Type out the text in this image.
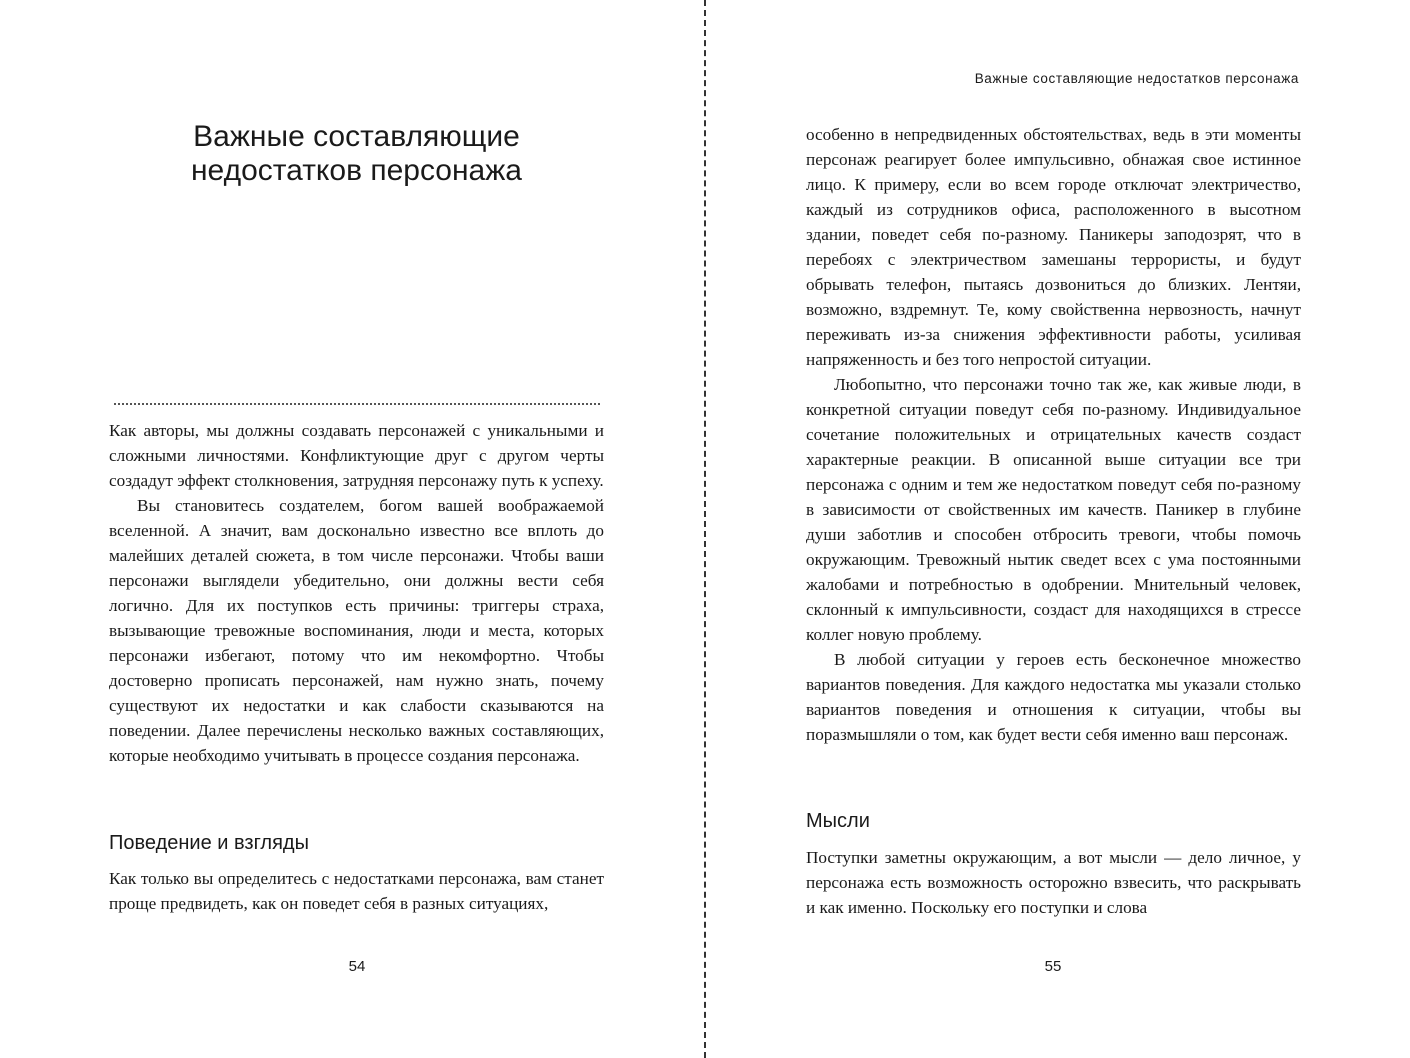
Важные составляющие
недостатков персонажа

Как авторы, мы должны создавать персонажей с уникальными и сложными личностями. Конфликтующие друг с другом черты создадут эффект столкновения, затрудняя персонажу путь к успеху.

Вы становитесь создателем, богом вашей воображаемой вселенной. А значит, вам досконально известно все вплоть до малейших деталей сюжета, в том числе персонажи. Чтобы ваши персонажи выглядели убедительно, они должны вести себя логично. Для их поступков есть причины: триггеры страха, вызывающие тревожные воспоминания, люди и места, которых персонажи избегают, потому что им некомфортно. Чтобы достоверно прописать персонажей, нам нужно знать, почему существуют их недостатки и как слабости сказываются на поведении. Далее перечислены несколько важных составляющих, которые необходимо учитывать в процессе создания персонажа.

Поведение и взгляды

Как только вы определитесь с недостатками персонажа, вам станет проще предвидеть, как он поведет себя в разных ситуациях,

54
Важные составляющие недостатков персонажа

особенно в непредвиденных обстоятельствах, ведь в эти моменты персонаж реагирует более импульсивно, обнажая свое истинное лицо. К примеру, если во всем городе отключат электричество, каждый из сотрудников офиса, расположенного в высотном здании, поведет себя по-разному. Паникеры заподозрят, что в перебоях с электричеством замешаны террористы, и будут обрывать телефон, пытаясь дозвониться до близких. Лентяи, возможно, вздремнут. Те, кому свойственна нервозность, начнут переживать из-за снижения эффективности работы, усиливая напряженность и без того непростой ситуации.

Любопытно, что персонажи точно так же, как живые люди, в конкретной ситуации поведут себя по-разному. Индивидуальное сочетание положительных и отрицательных качеств создаст характерные реакции. В описанной выше ситуации все три персонажа с одним и тем же недостатком поведут себя по-разному в зависимости от свойственных им качеств. Паникер в глубине души заботлив и способен отбросить тревоги, чтобы помочь окружающим. Тревожный нытик сведет всех с ума постоянными жалобами и потребностью в одобрении. Мнительный человек, склонный к импульсивности, создаст для находящихся в стрессе коллег новую проблему.

В любой ситуации у героев есть бесконечное множество вариантов поведения. Для каждого недостатка мы указали столько вариантов поведения и отношения к ситуации, чтобы вы поразмышляли о том, как будет вести себя именно ваш персонаж.

Мысли

Поступки заметны окружающим, а вот мысли — дело личное, у персонажа есть возможность осторожно взвесить, что раскрывать и как именно. Поскольку его поступки и слова

55
